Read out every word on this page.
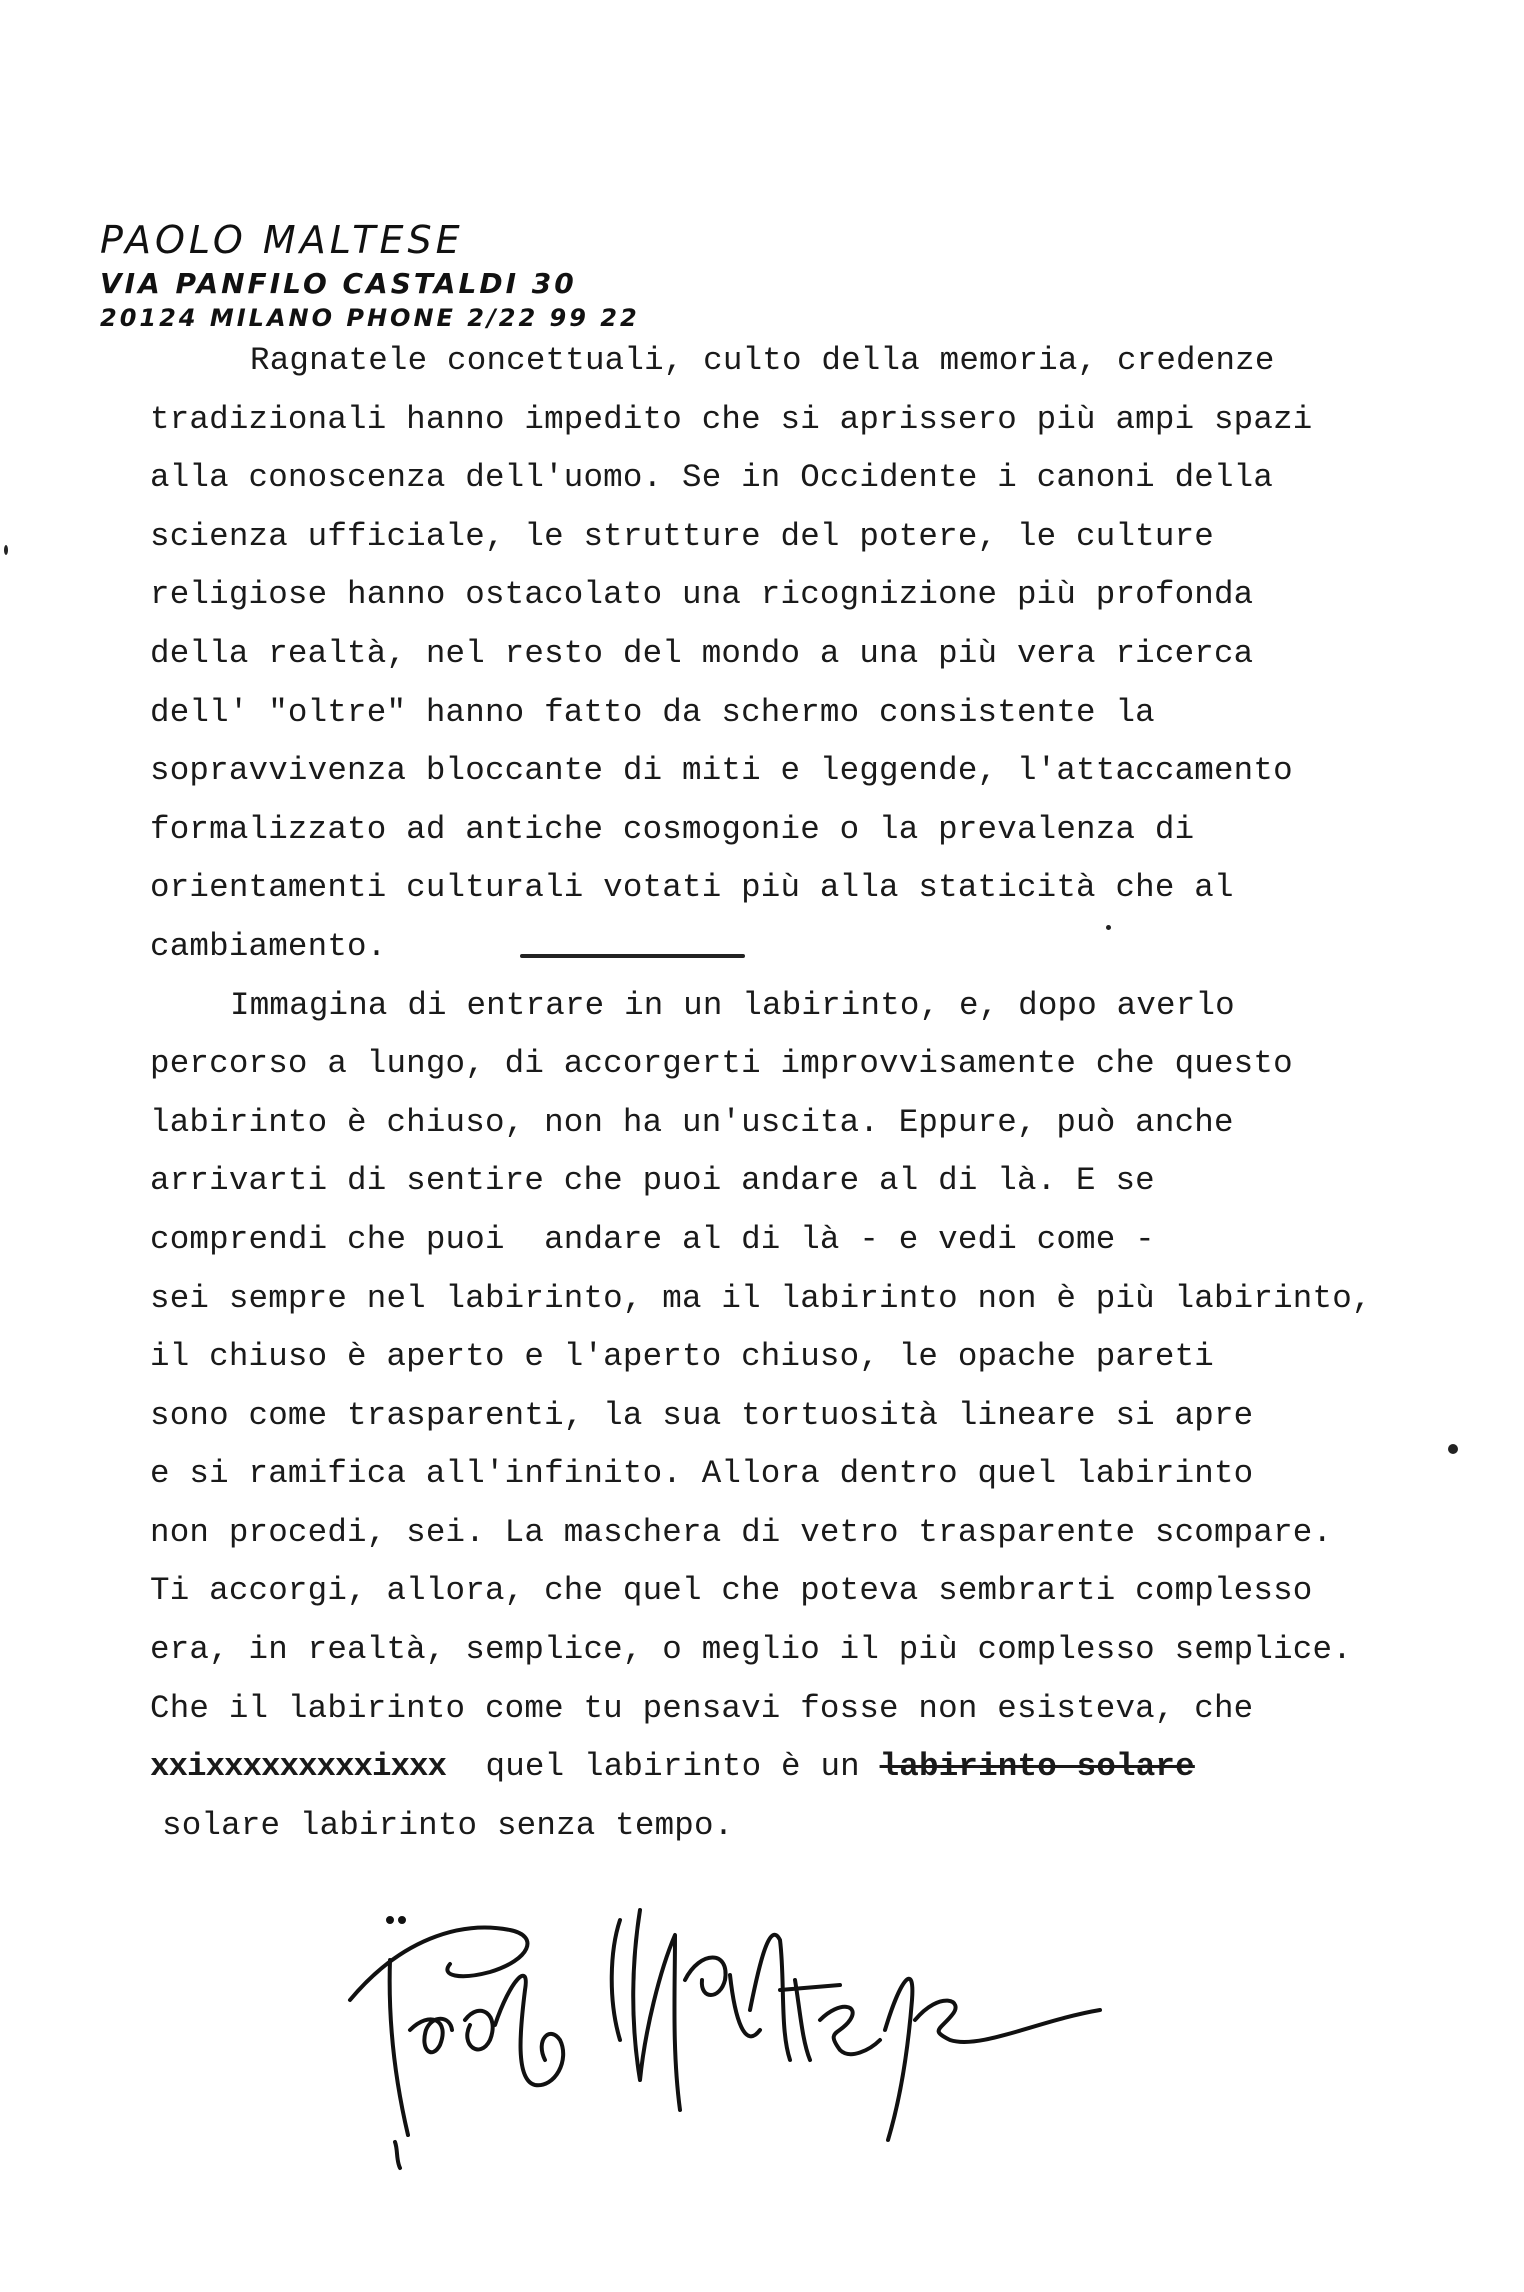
PAOLO MALTESE
VIA PANFILO CASTALDI 30
20124 MILANO PHONE 2/22 99 22
Ragnatele concettuali, culto della memoria, credenze
tradizionali hanno impedito che si aprissero più ampi spazi
alla conoscenza dell'uomo. Se in Occidente i canoni della
scienza ufficiale, le strutture del potere, le culture
religiose hanno ostacolato una ricognizione più profonda
della realtà, nel resto del mondo a una più vera ricerca
dell' "oltre" hanno fatto da schermo consistente la
sopravvivenza bloccante di miti e leggende, l'attaccamento
formalizzato ad antiche cosmogonie o la prevalenza di
orientamenti culturali votati più alla staticità che al
cambiamento.
Immagina di entrare in un labirinto, e, dopo averlo
percorso a lungo, di accorgerti improvvisamente che questo
labirinto è chiuso, non ha un'uscita. Eppure, può anche
arrivarti di sentire che puoi andare al di là. E se
comprendi che puoi  andare al di là - e vedi come -
sei sempre nel labirinto, ma il labirinto non è più labirinto,
il chiuso è aperto e l'aperto chiuso, le opache pareti
sono come trasparenti, la sua tortuosità lineare si apre
e si ramifica all'infinito. Allora dentro quel labirinto
non procedi, sei. La maschera di vetro trasparente scompare.
Ti accorgi, allora, che quel che poteva sembrarti complesso
era, in realtà, semplice, o meglio il più complesso semplice.
Che il labirinto come tu pensavi fosse non esisteva, che
xxixxxxxxxxxixxx quel labirinto è un labirinto solare
solare labirinto senza tempo.
